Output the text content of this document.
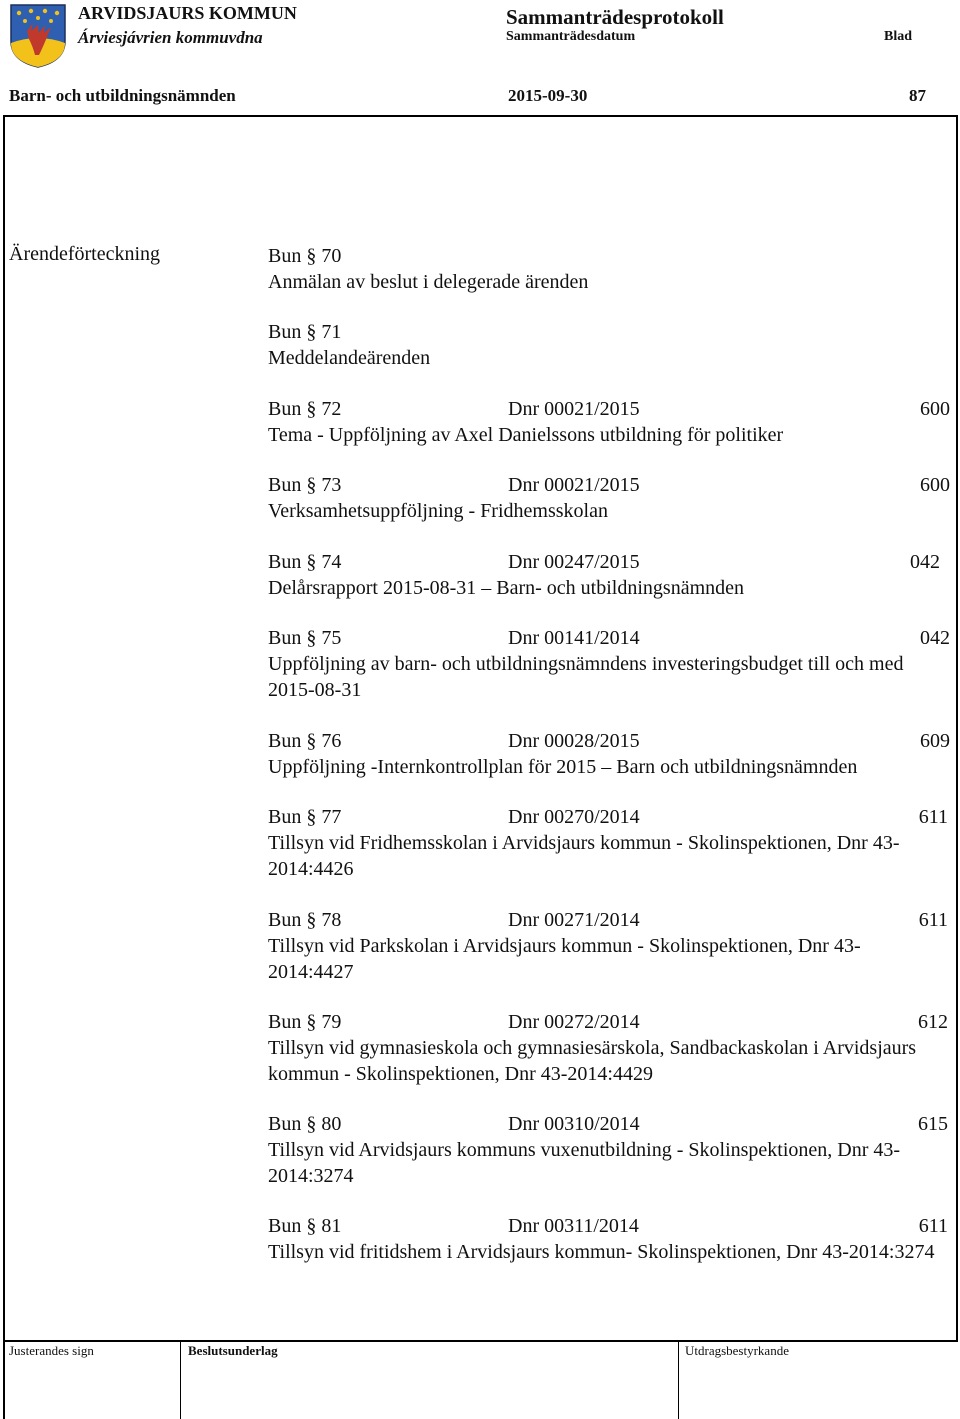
ARVIDSJAURS KOMMUN
Árviesjávrien kommuvdna
Sammanträdesprotokoll
Sammanträdesdatum	Blad
Barn- och utbildningsnämnden	2015-09-30	87
Ärendeförteckning	Bun § 70
Anmälan av beslut i delegerade ärenden
Bun § 71
Meddelandeärenden
Bun § 72	Dnr 00021/2015	600
Tema - Uppföljning av Axel Danielssons utbildning för politiker
Bun § 73	Dnr 00021/2015	600
Verksamhetsuppföljning - Fridhemsskolan
Bun § 74	Dnr 00247/2015	042
Delårsrapport 2015-08-31 – Barn- och utbildningsnämnden
Bun § 75	Dnr 00141/2014	042
Uppföljning av barn- och utbildningsnämndens investeringsbudget till och med 2015-08-31
Bun § 76	Dnr 00028/2015	609
Uppföljning -Internkontrollplan för 2015 – Barn och utbildningsnämnden
Bun § 77	Dnr 00270/2014	611
Tillsyn vid Fridhemsskolan i Arvidsjaurs kommun - Skolinspektionen, Dnr 43-2014:4426
Bun § 78	Dnr 00271/2014	611
Tillsyn vid Parkskolan i Arvidsjaurs kommun - Skolinspektionen, Dnr 43-2014:4427
Bun § 79	Dnr 00272/2014	612
Tillsyn vid gymnasieskola och gymnasiesärskola, Sandbackaskolan i Arvidsjaurs kommun - Skolinspektionen, Dnr 43-2014:4429
Bun § 80	Dnr 00310/2014	615
Tillsyn vid Arvidsjaurs kommuns vuxenutbildning - Skolinspektionen, Dnr 43-2014:3274
Bun § 81	Dnr 00311/2014	611
Tillsyn vid fritidshem i Arvidsjaurs kommun- Skolinspektionen, Dnr 43-2014:3274
Justerandes sign	Beslutsunderlag	Utdragsbestyrkande
